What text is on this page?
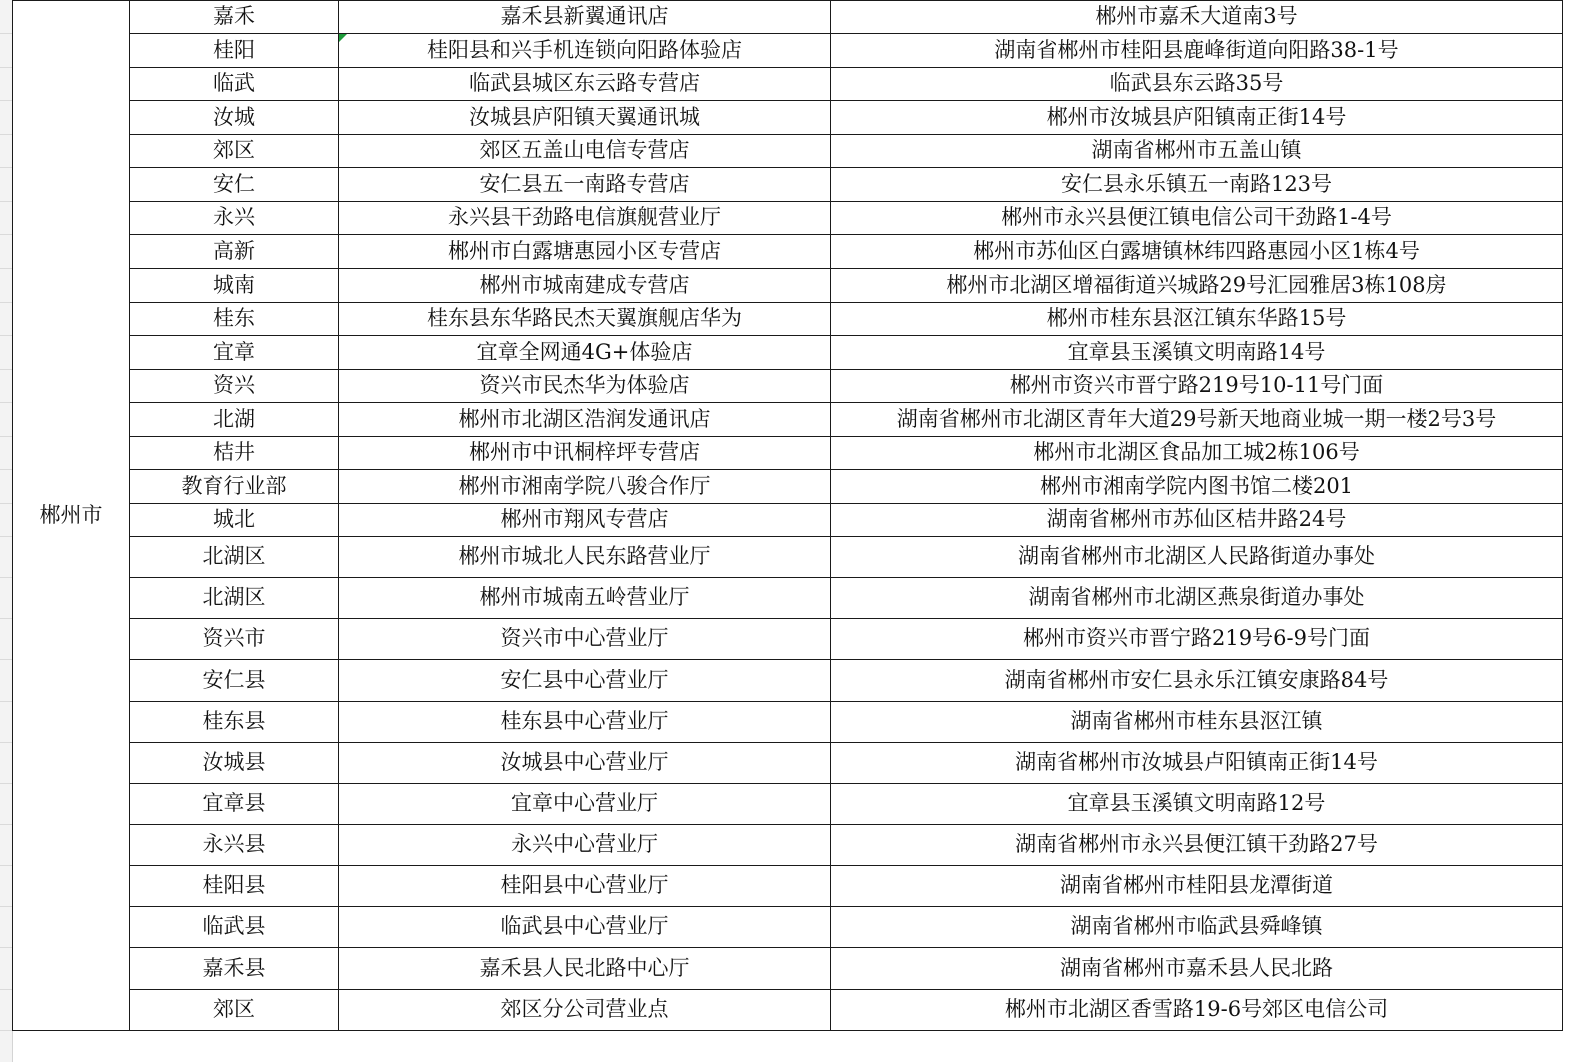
郴州市	嘉禾	嘉禾县新翼通讯店	郴州市嘉禾大道南3号
	桂阳	桂阳县和兴手机连锁向阳路体验店	湖南省郴州市桂阳县鹿峰街道向阳路38-1号
	临武	临武县城区东云路专营店	临武县东云路35号
	汝城	汝城县庐阳镇天翼通讯城	郴州市汝城县庐阳镇南正街14号
	郊区	郊区五盖山电信专营店	湖南省郴州市五盖山镇
	安仁	安仁县五一南路专营店	安仁县永乐镇五一南路123号
	永兴	永兴县干劲路电信旗舰营业厅	郴州市永兴县便江镇电信公司干劲路1-4号
	高新	郴州市白露塘惠园小区专营店	郴州市苏仙区白露塘镇林纬四路惠园小区1栋4号
	城南	郴州市城南建成专营店	郴州市北湖区增福街道兴城路29号汇园雅居3栋108房
	桂东	桂东县东华路民杰天翼旗舰店华为	郴州市桂东县沤江镇东华路15号
	宜章	宜章全网通4G+体验店	宜章县玉溪镇文明南路14号
	资兴	资兴市民杰华为体验店	郴州市资兴市晋宁路219号10-11号门面
	北湖	郴州市北湖区浩润发通讯店	湖南省郴州市北湖区青年大道29号新天地商业城一期一楼2号3号
	桔井	郴州市中讯桐梓坪专营店	郴州市北湖区食品加工城2栋106号
	教育行业部	郴州市湘南学院八骏合作厅	郴州市湘南学院内图书馆二楼201
	城北	郴州市翔风专营店	湖南省郴州市苏仙区桔井路24号
	北湖区	郴州市城北人民东路营业厅	湖南省郴州市北湖区人民路街道办事处
	北湖区	郴州市城南五岭营业厅	湖南省郴州市北湖区燕泉街道办事处
	资兴市	资兴市中心营业厅	郴州市资兴市晋宁路219号6-9号门面
	安仁县	安仁县中心营业厅	湖南省郴州市安仁县永乐江镇安康路84号
	桂东县	桂东县中心营业厅	湖南省郴州市桂东县沤江镇
	汝城县	汝城县中心营业厅	湖南省郴州市汝城县卢阳镇南正街14号
	宜章县	宜章中心营业厅	宜章县玉溪镇文明南路12号
	永兴县	永兴中心营业厅	湖南省郴州市永兴县便江镇干劲路27号
	桂阳县	桂阳县中心营业厅	湖南省郴州市桂阳县龙潭街道
	临武县	临武县中心营业厅	湖南省郴州市临武县舜峰镇
	嘉禾县	嘉禾县人民北路中心厅	湖南省郴州市嘉禾县人民北路
	郊区	郊区分公司营业点	郴州市北湖区香雪路19-6号郊区电信公司
